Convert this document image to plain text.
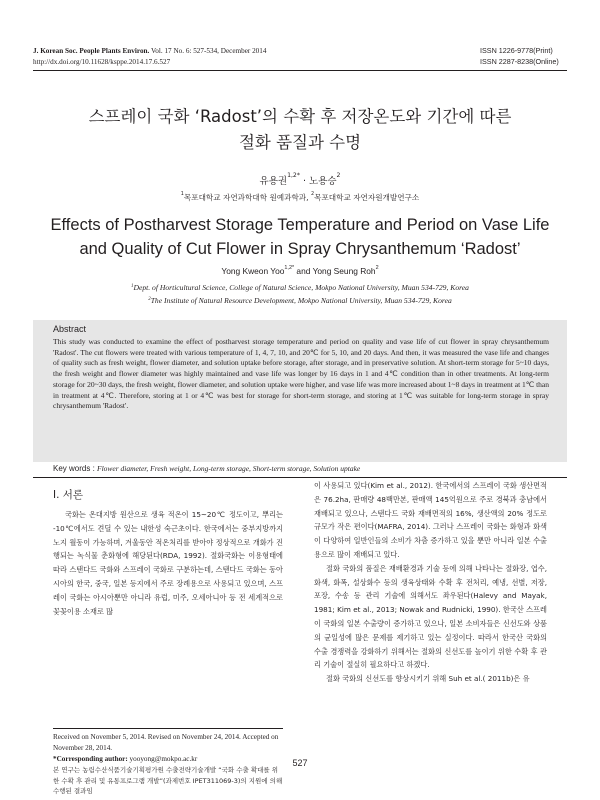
J. Korean Soc. People Plants Environ. Vol. 17 No. 6: 527-534, December 2014
http://dx.doi.org/10.11628/ksppe.2014.17.6.527
ISSN 1226-9778(Print)
ISSN 2287-8238(Online)
스프레이 국화 ‘Radost’의 수확 후 저장온도와 기간에 따른
절화 품질과 수명
유용권$^{1,2*}$ · 노용승$^2$
$^1$목포대학교 자연과학대학 원예과학과, $^2$목포대학교 자연자원개발연구소
Effects of Postharvest Storage Temperature and Period on Vase Life
and Quality of Cut Flower in Spray Chrysanthemum ‘Radost’
Yong Kweon Yoo$^{1,2*}$ and Yong Seung Roh$^2$
$^1$Dept. of Horticultural Science, College of Natural Science, Mokpo National University, Muan 534-729, Korea
$^2$The Institute of Natural Resource Development, Mokpo National University, Muan 534-729, Korea
Abstract
This study was conducted to examine the effect of postharvest storage temperature and period on quality and vase life of cut flower in spray chrysanthemum 'Radost'. The cut flowers were treated with various temperature of 1, 4, 7, 10, and 20℃ for 5, 10, and 20 days. And then, it was measured the vase life and changes of quality such as fresh weight, flower diameter, and solution uptake before storage, after storage, and in preservative solution. At short-term storage for 5~10 days, the fresh weight and flower diameter was highly maintained and vase life was longer by 16 days in 1 and 4℃ condition than in other treatments. At long-term storage for 20~30 days, the fresh weight, flower diameter, and solution uptake were higher, and vase life was more increased about 1~8 days in treatment at 1℃ than in treatment at 4℃. Therefore, storing at 1 or 4℃ was best for storage for short-term storage, and storing at 1℃ was suitable for long-term storage in spray chrysanthemum 'Radost'.
Key words : Flower diameter, Fresh weight, Long-term storage, Short-term storage, Solution uptake
Ⅰ. 서론

국화는 온대지방 원산으로 생육 적온이 15~20℃ 정도이고, 뿌리는 -10℃에서도 견딜 수 있는 내한성 숙근초이다. 한국에서는 중부지방까지 노지 월동이 가능하며, 겨울동안 적온처리를 받아야 정상적으로 개화가 진행되는 녹식물 춘화형에 해당된다(RDA, 1992). 절화국화는 이용형태에 따라 스탠다드 국화와 스프레이 국화로 구분하는데, 스탠다드 국화는 동아시아의 한국, 중국, 일본 등지에서 주로 장례용으로 사용되고 있으며, 스프레이 국화는 아시아뿐만 아니라 유럽, 미주, 오세아니아 등 전 세계적으로 꽃꽂이용 소재로 많

이 사용되고 있다(Kim et al., 2012). 한국에서의 스프레이 국화 생산면적은 76.2ha, 판매량 48백만본, 판매액 145억원으로 주로 경북과 충남에서 재배되고 있으나, 스탠다드 국화 재배면적의 16%, 생산액의 20% 정도로 규모가 작은 편이다(MAFRA, 2014). 그러나 스프레이 국화는 화형과 화색이 다양하여 일반인들의 소비가 차츰 증가하고 있을 뿐만 아니라 일본 수출용으로 많이 재배되고 있다.

절화 국화의 품질은 재배환경과 기술 등에 의해 나타나는 절화장, 엽수, 화색, 화폭, 설상화수 등의 생육상태와 수확 후 전처리, 예냉, 선별, 저장, 포장, 수송 등 관리 기술에 의해서도 좌우된다(Halevy and Mayak, 1981; Kim et al., 2013; Nowak and Rudnicki, 1990). 한국산 스프레이 국화의 일본 수출량이 증가하고 있으나, 일본 소비자들은 신선도와 상품의 균일성에 많은 문제를 제기하고 있는 실정이다. 따라서 한국산 국화의 수출 경쟁력을 강화하기 위해서는 절화의 신선도를 높이기 위한 수확 후 관리 기술이 절실히 필요하다고 하겠다.

절화 국화의 신선도를 향상시키기 위해 Suh et al.( 2011b)은 유

Received on November 5, 2014. Revised on November 24, 2014. Accepted on November 28, 2014.
*Corresponding author: yooyong@mokpo.ac.kr
본 연구는 농림수산식품기술기획평가원 수출전략기술개발 “국화 수출 확대를 위한 수확 후 관리 및 유통프로그램 개발”(과제번호 IPET311069-3)의 지원에 의해 수행된 결과임
527
